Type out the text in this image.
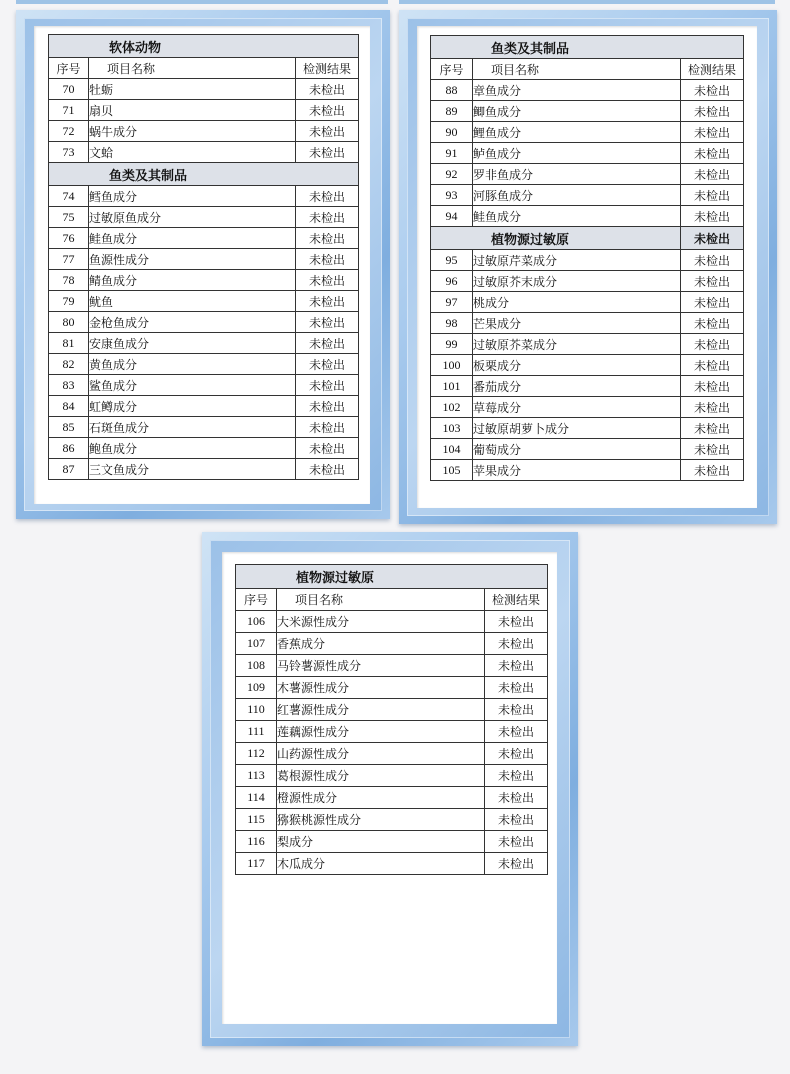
软体动物		
序号	项目名称	检测结果
70	牡蛎	未检出
71	扇贝	未检出
72	蜗牛成分	未检出
73	文蛤	未检出
鱼类及其制品		
74	鳕鱼成分	未检出
75	过敏原鱼成分	未检出
76	鲑鱼成分	未检出
77	鱼源性成分	未检出
78	鲭鱼成分	未检出
79	鱿鱼	未检出
80	金枪鱼成分	未检出
81	安康鱼成分	未检出
82	黄鱼成分	未检出
83	鲨鱼成分	未检出
84	虹鳟成分	未检出
85	石斑鱼成分	未检出
86	鲍鱼成分	未检出
87	三文鱼成分	未检出
鱼类及其制品		
序号	项目名称	检测结果
88	章鱼成分	未检出
89	鲫鱼成分	未检出
90	鲤鱼成分	未检出
91	鲈鱼成分	未检出
92	罗非鱼成分	未检出
93	河豚鱼成分	未检出
94	鲑鱼成分	未检出
植物源过敏原		未检出
95	过敏原芹菜成分	未检出
96	过敏原芥末成分	未检出
97	桃成分	未检出
98	芒果成分	未检出
99	过敏原芥菜成分	未检出
100	板栗成分	未检出
101	番茄成分	未检出
102	草莓成分	未检出
103	过敏原胡萝卜成分	未检出
104	葡萄成分	未检出
105	苹果成分	未检出
植物源过敏原		
序号	项目名称	检测结果
106	大米源性成分	未检出
107	香蕉成分	未检出
108	马铃薯源性成分	未检出
109	木薯源性成分	未检出
110	红薯源性成分	未检出
111	莲藕源性成分	未检出
112	山药源性成分	未检出
113	葛根源性成分	未检出
114	橙源性成分	未检出
115	猕猴桃源性成分	未检出
116	梨成分	未检出
117	木瓜成分	未检出
